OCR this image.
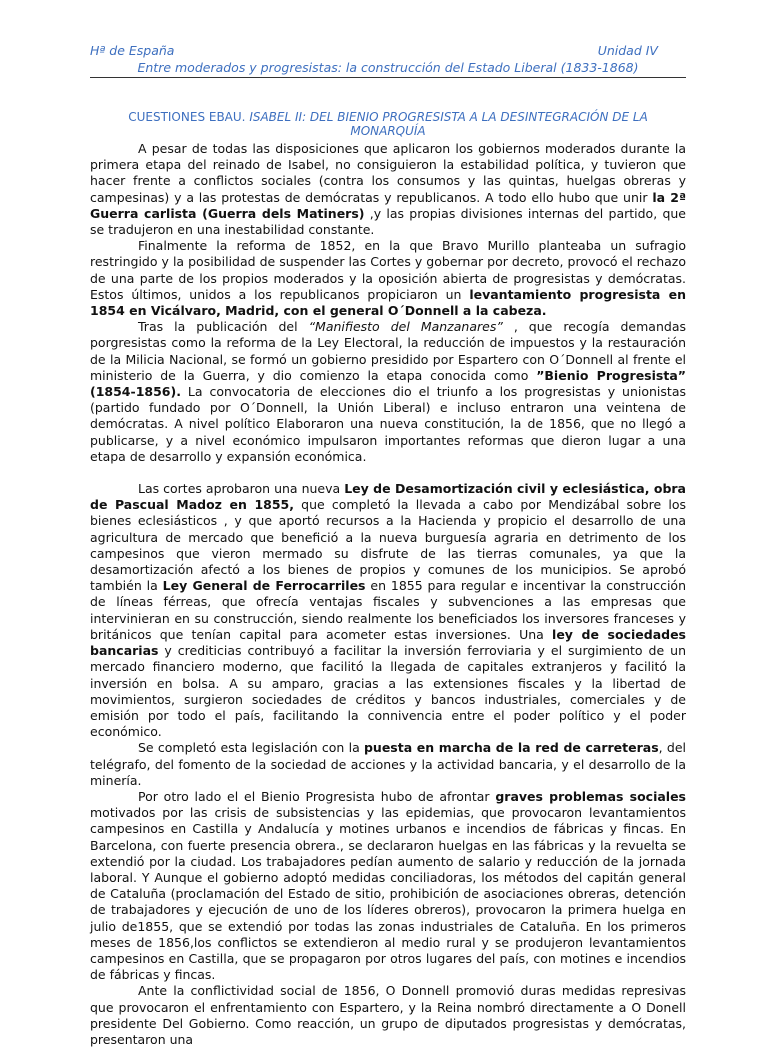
Hª de España	Unidad IV
Entre moderados y progresistas: la construcción del Estado Liberal (1833-1868)
CUESTIONES EBAU. ISABEL II: DEL BIENIO PROGRESISTA A LA DESINTEGRACIÓN DE LA MONARQUÍA

A pesar de todas las disposiciones que aplicaron los gobiernos moderados durante la primera etapa del reinado de Isabel, no consiguieron la estabilidad política, y tuvieron que hacer frente a conflictos sociales (contra los consumos y las quintas, huelgas obreras y campesinas) y a las protestas de demócratas y republicanos. A todo ello hubo que unir la 2ª Guerra carlista (Guerra dels Matiners) ,y las propias divisiones internas del partido, que se tradujeron en una inestabilidad constante.

Finalmente la reforma de 1852, en la que Bravo Murillo planteaba un sufragio restringido y la posibilidad de suspender las Cortes y gobernar por decreto, provocó el rechazo de una parte de los propios moderados y la oposición abierta de progresistas y demócratas. Estos últimos, unidos a los republicanos propiciaron un levantamiento progresista en 1854 en Vicálvaro, Madrid, con el general O´Donnell a la cabeza.

Tras la publicación del “Manifiesto del Manzanares” , que recogía demandas porgresistas como la reforma de la Ley Electoral, la reducción de impuestos y la restauración de la Milicia Nacional, se formó un gobierno presidido por Espartero con O´Donnell al frente el ministerio de la Guerra, y dio comienzo la etapa conocida como ”Bienio Progresista” (1854-1856). La convocatoria de elecciones dio el triunfo a los progresistas y unionistas (partido fundado por O´Donnell, la Unión Liberal) e incluso entraron una veintena de demócratas. A nivel político Elaboraron una nueva constitución, la de 1856, que no llegó a publicarse, y a nivel económico impulsaron importantes reformas que dieron lugar a una etapa de desarrollo y expansión económica.

Las cortes aprobaron una nueva Ley de Desamortización civil y eclesiástica, obra de Pascual Madoz en 1855, que completó la llevada a cabo por Mendizábal sobre los bienes eclesiásticos , y que aportó recursos a la Hacienda y propicio el desarrollo de una agricultura de mercado que benefició a la nueva burguesía agraria en detrimento de los campesinos que vieron mermado su disfrute de las tierras comunales, ya que la desamortización afectó a los bienes de propios y comunes de los municipios. Se aprobó también la Ley General de Ferrocarriles en 1855 para regular e incentivar la construcción de líneas férreas, que ofrecía ventajas fiscales y subvenciones a las empresas que intervinieran en su construcción, siendo realmente los beneficiados los inversores franceses y británicos que tenían capital para acometer estas inversiones. Una ley de sociedades bancarias y crediticias contribuyó a facilitar la inversión ferroviaria y el surgimiento de un mercado financiero moderno, que facilitó la llegada de capitales extranjeros y facilitó la inversión en bolsa. A su amparo, gracias a las extensiones fiscales y la libertad de movimientos, surgieron sociedades de créditos y bancos industriales, comerciales y de emisión por todo el país, facilitando la connivencia entre el poder político y el poder económico.

Se completó esta legislación con la puesta en marcha de la red de carreteras, del telégrafo, del fomento de la sociedad de acciones y la actividad bancaria, y el desarrollo de la minería.

Por otro lado el el Bienio Progresista hubo de afrontar graves problemas sociales motivados por las crisis de subsistencias y las epidemias, que provocaron levantamientos campesinos en Castilla y Andalucía y motines urbanos e incendios de fábricas y fincas. En Barcelona, con fuerte presencia obrera., se declararon huelgas en las fábricas y la revuelta se extendió por la ciudad. Los trabajadores pedían aumento de salario y reducción de la jornada laboral. Y Aunque el gobierno adoptó medidas conciliadoras, los métodos del capitán general de Cataluña (proclamación del Estado de sitio, prohibición de asociaciones obreras, detención de trabajadores y ejecución de uno de los líderes obreros), provocaron la primera huelga en julio de1855, que se extendió por todas las zonas industriales de Cataluña. En los primeros meses de 1856,los conflictos se extendieron al medio rural y se produjeron levantamientos campesinos en Castilla, que se propagaron por otros lugares del país, con motines e incendios de fábricas y fincas.

Ante la conflictividad social de 1856, O Donnell promovió duras medidas represivas que provocaron el enfrentamiento con Espartero, y la Reina nombró directamente a O Donell presidente Del Gobierno. Como reacción, un grupo de diputados progresistas y demócratas, presentaron una
